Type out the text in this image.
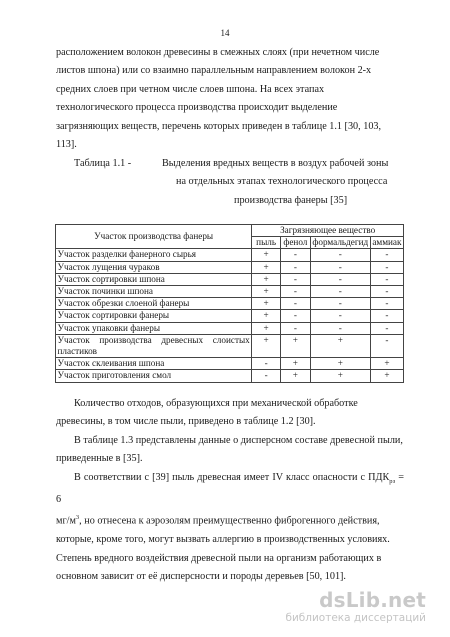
14

расположением волокон древесины в смежных слоях (при нечетном числе

листов шпона) или со взаимно параллельным направлением волокон 2-х

средних слоев при четном числе слоев шпона. На всех этапах

технологического процесса производства происходит выделение

загрязняющих веществ, перечень которых приведен в таблице 1.1 [30, 103,

113].

Таблица 1.1 -	Выделения вредных веществ в воздух рабочей зоны
на отдельных этапах технологического процесса
производства фанеры [35]
Участок производства фанеры	Загрязняющее вещество			
	пыль	фенол	формальдегид	аммиак
Участок разделки фанерного сырья	+	-	-	-
Участок лущения чураков	+	-	-	-
Участок сортировки шпона	+	-	-	-
Участок починки шпона	+	-	-	-
Участок обрезки слоеной фанеры	+	-	-	-
Участок сортировки фанеры	+	-	-	-
Участок упаковки фанеры	+	-	-	-
Участок производства древесных слоистых пластиков	+	+	+	-
Участок склеивания шпона	-	+	+	+
Участок приготовления смол	-	+	+	+

Количество отходов, образующихся при механической обработке

древесины, в том числе пыли, приведено в таблице 1.2 [30].

В таблице 1.3 представлены данные о дисперсном составе древесной пыли,

приведенные в [35].

В соответствии с [39] пыль древесная имеет IV класс опасности с $ПДК_{рз} = 6$

$мг/м^3$, но отнесена к аэрозолям преимущественно фиброгенного действия,

которые, кроме того, могут вызвать аллергию в производственных условиях.

Степень вредного воздействия древесной пыли на организм работающих в

основном зависит от её дисперсности и породы деревьев [50, 101].

dsLib.net
библиотека диссертаций
